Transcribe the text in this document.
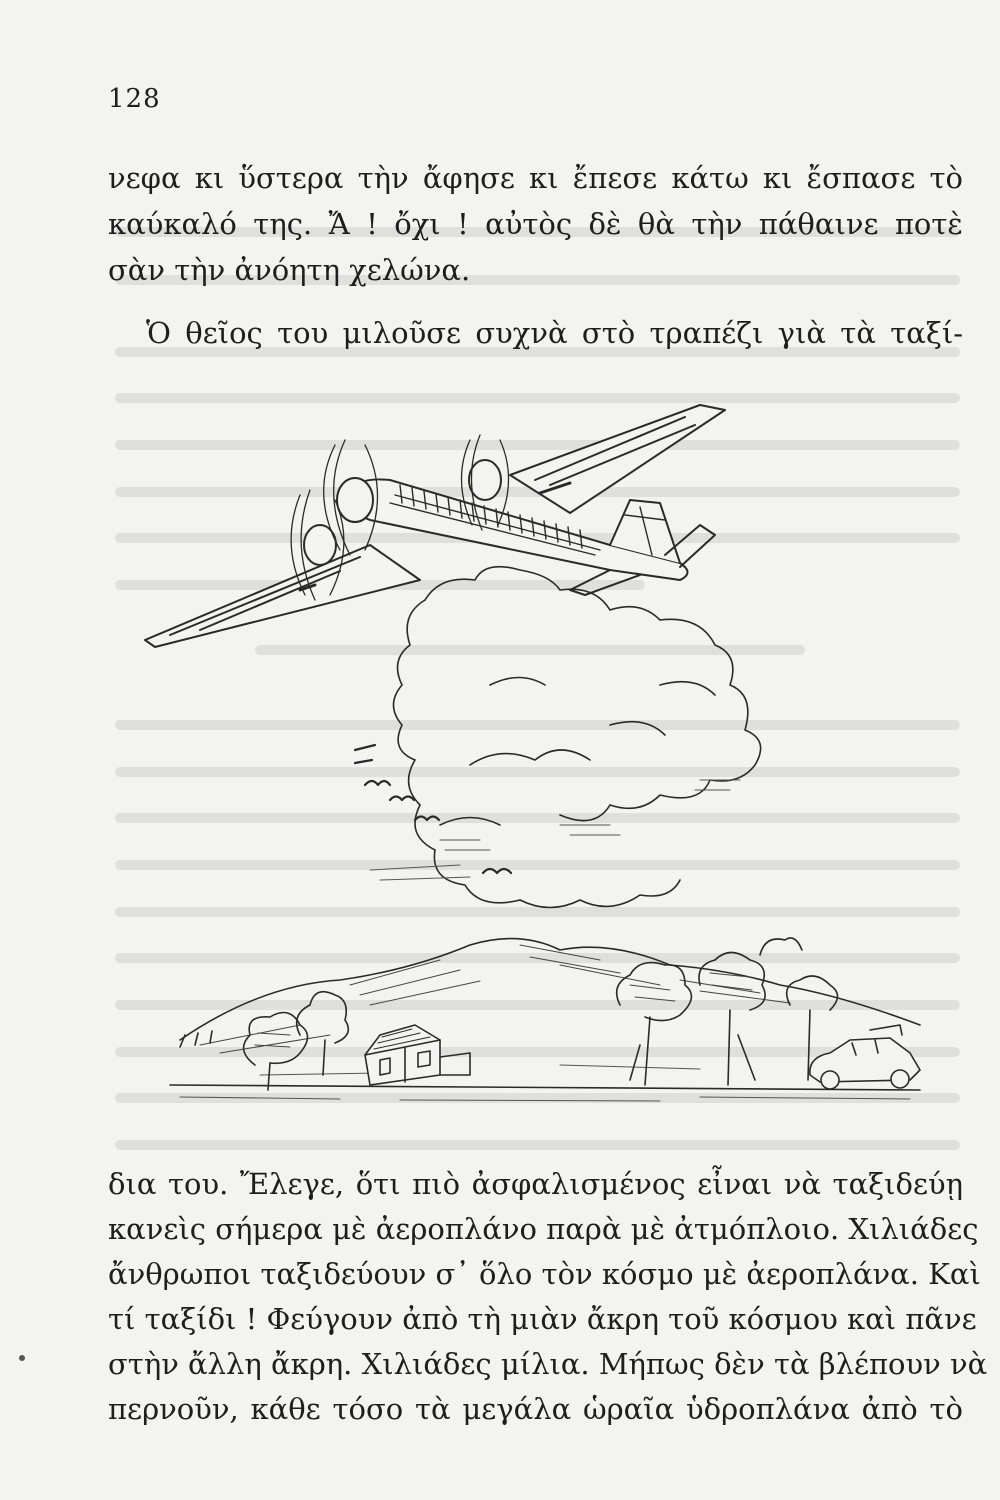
128
νεφα κι ὕστερα τὴν ἄφησε κι ἔπεσε κάτω κι ἔσπασε τὸ
καύκαλό της. Ἄ ! ὄχι ! αὐτὸς δὲ θὰ τὴν πάθαινε ποτὲ
σὰν τὴν ἀνόητη χελώνα.
Ὁ θεῖος του μιλοῦσε συχνὰ στὸ τραπέζι γιὰ τὰ ταξί-
δια του. Ἔλεγε, ὅτι πιὸ ἀσφαλισμένος εἶναι νὰ ταξιδεύῃ
κανεὶς σήμερα μὲ ἀεροπλάνο παρὰ μὲ ἀτμόπλοιο. Χιλιάδες
ἄνθρωποι ταξιδεύουν σ᾽ ὅλο τὸν κόσμο μὲ ἀεροπλάνα. Καὶ
τί ταξίδι ! Φεύγουν ἀπὸ τὴ μιὰν ἄκρη τοῦ κόσμου καὶ πᾶνε
στὴν ἄλλη ἄκρη. Χιλιάδες μίλια. Μήπως δὲν τὰ βλέπουν νὰ
περνοῦν, κάθε τόσο τὰ μεγάλα ὡραῖα ὑδροπλάνα ἀπὸ τὸ
